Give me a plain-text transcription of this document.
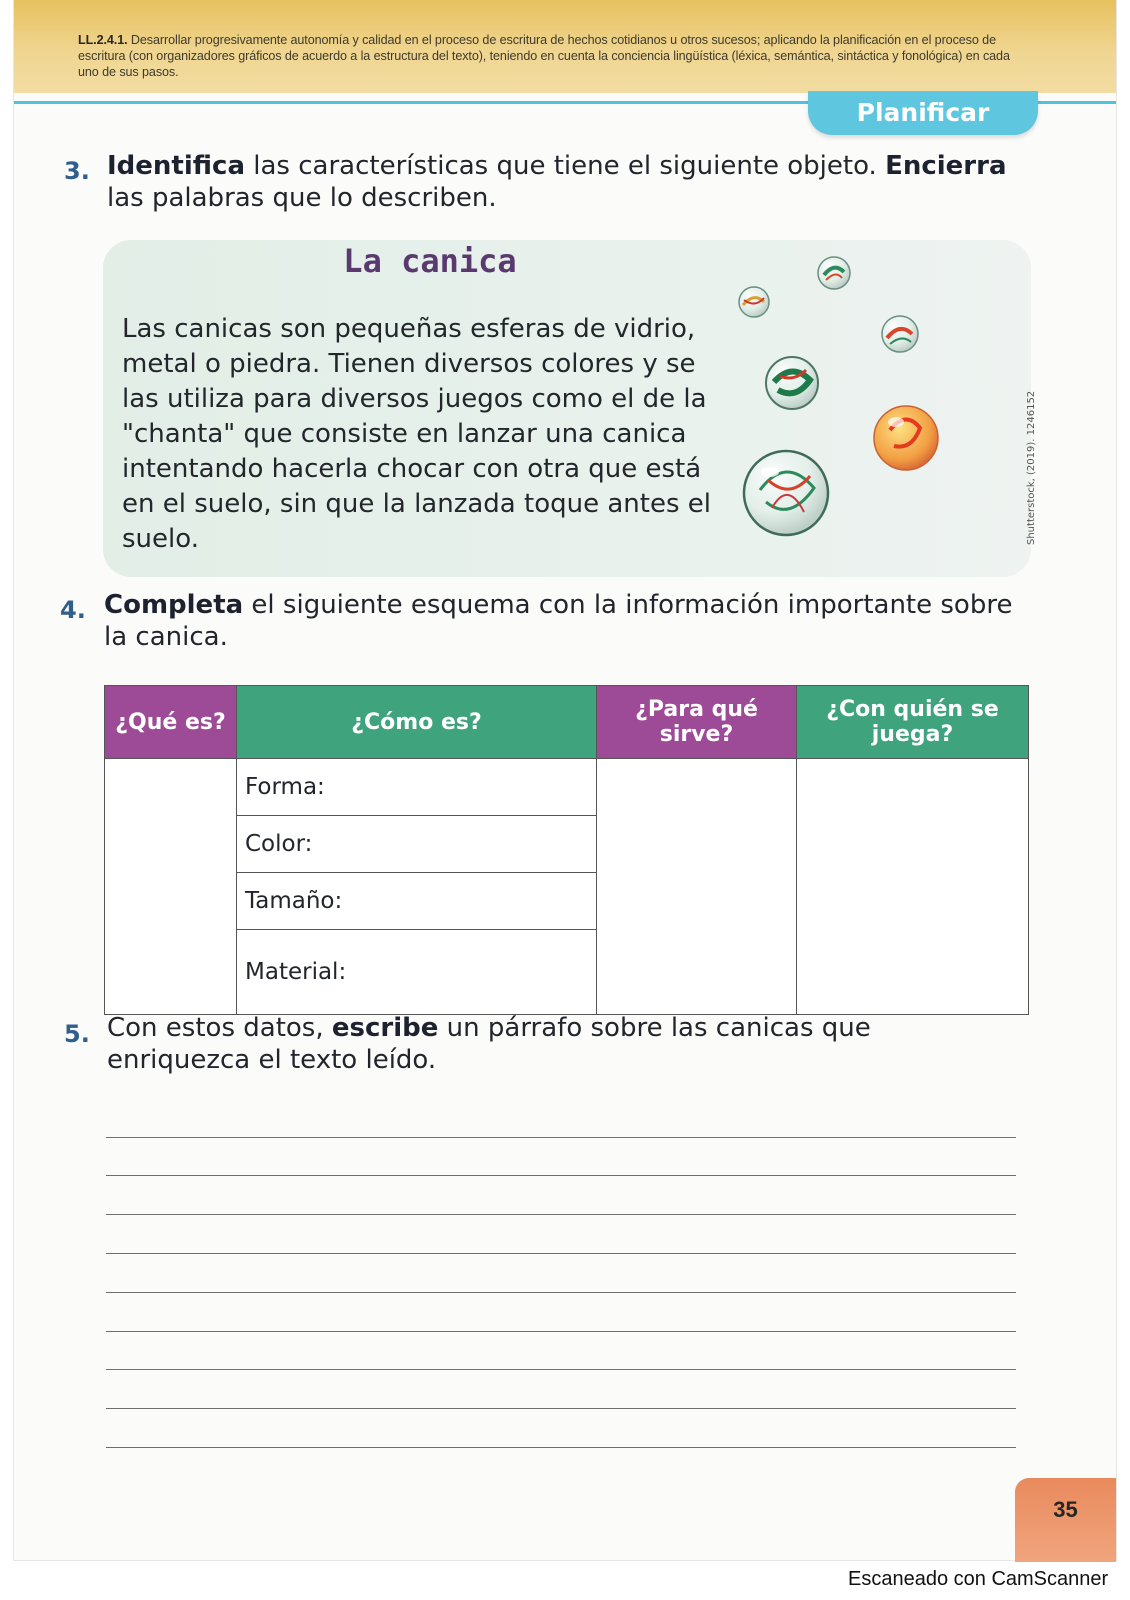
LL.2.4.1. Desarrollar progresivamente autonomía y calidad en el proceso de escritura de hechos cotidianos u otros sucesos; aplicando la planificación en el proceso de escritura (con organizadores gráficos de acuerdo a la estructura del texto), teniendo en cuenta la conciencia lingüística (léxica, semántica, sintáctica y fonológica) en cada uno de sus pasos.
Planificar
3. Identifica las características que tiene el siguiente objeto. Encierra las palabras que lo describen.
La canica
Las canicas son pequeñas esferas de vidrio, metal o piedra. Tienen diversos colores y se las utiliza para diversos juegos como el de la "chanta" que consiste en lanzar una canica intentando hacerla chocar con otra que está en el suelo, sin que la lanzada toque antes el suelo.	Shutterstock, (2019). 1246152
4. Completa el siguiente esquema con la información importante sobre la canica.
¿Qué es?	¿Cómo es?	¿Para qué sirve?	¿Con quién se juega?
	Forma:		
	Color:		
	Tamaño:		
	Material:		
5. Con estos datos, escribe un párrafo sobre las canicas que enriquezca el texto leído.
35
Escaneado con CamScanner
